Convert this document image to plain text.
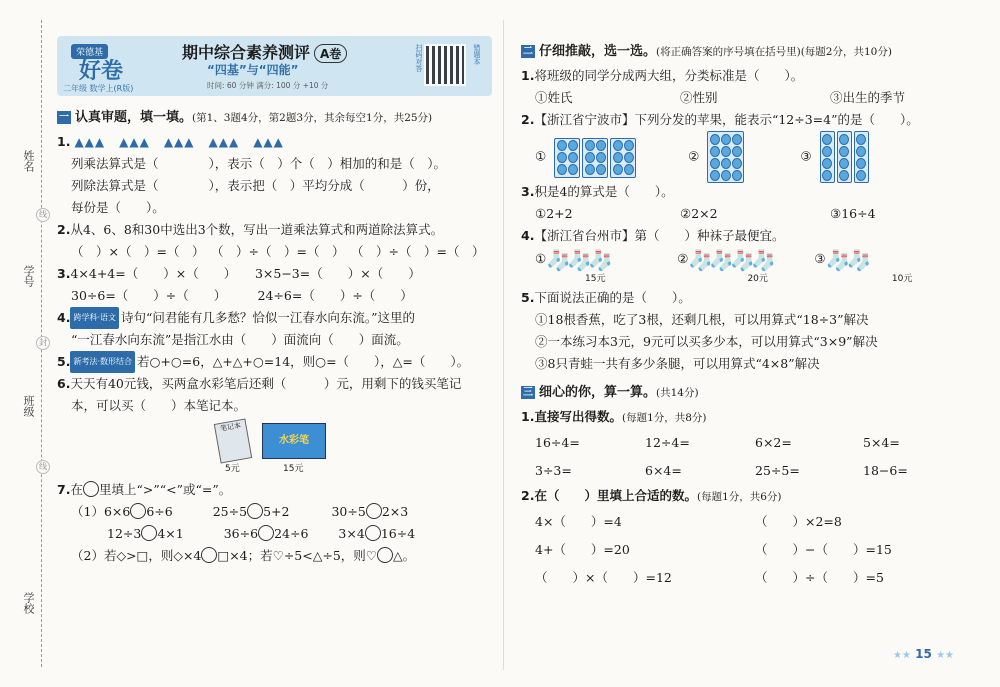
姓名
学号
班级
学校
线
封
线
荣德基
好卷
二年级 数学上(R版)
期中综合素养测评 A卷
“四基”与“四能”
时间: 60 分钟 满分: 100 分 +10 分
扫码对答	错题本
一 认真审题，填一填。(第1、3题4分，第2题3分，其余每空1分，共25分)
1. ▲▲▲ ▲▲▲ ▲▲▲ ▲▲▲ ▲▲▲
列乘法算式是（　　　　），表示（　）个（　）相加的和是（　）。
列除法算式是（　　　　），表示把（　）平均分成（　　　）份，
每份是（　　）。
2.从4、6、8和30中选出3个数，写出一道乘法算式和两道除法算式。
（　）×（　）=（　） （　）÷（　）=（　） （　）÷（　）=（　）
3.4×4+4=（　　）×（　　）　　3×5−3=（　　）×（　　）
30÷6=（　　）÷（　　）　　　24÷6=（　　）÷（　　）
4. 跨学科·语文 诗句“问君能有几多愁？恰似一江春水向东流。”这里的
“一江春水向东流”是指江水由（　　）面流向（　　）面流。
5. 新考法·数形结合 若○+○=6，△+△+○=14，则○=（　　），△=（　　）。
6.天天有40元钱，买两盒水彩笔后还剩（　　　）元，用剩下的钱买笔记
本，可以买（　　）本笔记本。
笔记本
5元
水彩笔
15元
7.在 里填上“>”“<”或“=”。
（1）6×6 6÷6	25÷5 5+2	30÷5 2×3
12÷3 4×1	36÷6 24÷6 3×4 16÷4
（2）若◇>□，则◇×4 □×4；若♡÷5<△÷5，则♡ △。
二 仔细推敲，选一选。(将正确答案的序号填在括号里)(每题2分，共10分)
1.将班级的同学分成两大组，分类标准是（　　）。
①姓氏	②性别	③出生的季节
2.【浙江省宁波市】下列分发的苹果，能表示“12÷3=4”的是（　　）。
①	②	③
3.积是4的算式是（　　）。
①2+2	②2×2	③16÷4
4.【浙江省台州市】第（　　）种袜子最便宜。
①🧦🧦🧦	②🧦🧦🧦🧦	③🧦🧦
15元	20元	10元
5.下面说法正确的是（　　）。
①18根香蕉，吃了3根，还剩几根，可以用算式“18÷3”解决
②一本练习本3元，9元可以买多少本，可以用算式“3×9”解决
③8只青蛙一共有多少条腿，可以用算式“4×8”解决
三 细心的你，算一算。(共14分)
1.直接写出得数。(每题1分，共8分)
16÷4=	12÷4=	6×2=	5×4=
3÷3=	6×4=	25÷5=	18−6=
2.在（　　）里填上合适的数。(每题1分，共6分)
4×（　　）=4	（　　）×2=8
4+（　　）=20	（　　）−（　　）=15
（　　）×（　　）=12	（　　）÷（　　）=5
★★ 15 ★★
